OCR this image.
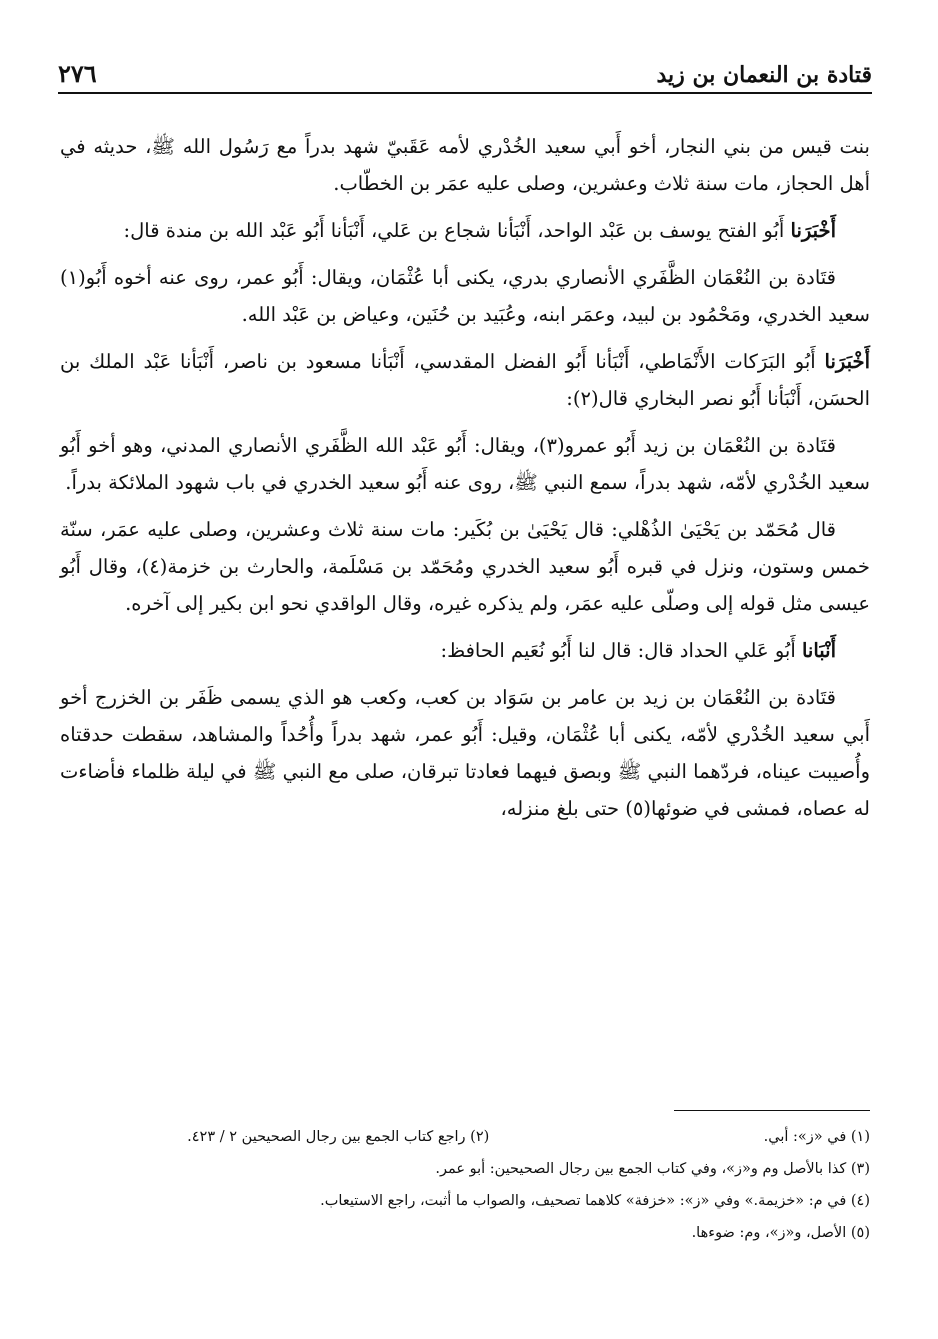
قتادة بن النعمان بن زيد
٢٧٦

بنت قيس من بني النجار، أخو أَبي سعيد الخُدْري لأمه عَقَبيّ شهد بدراً مع رَسُول الله ﷺ، حديثه في أهل الحجاز، مات سنة ثلاث وعشرين، وصلى عليه عمَر بن الخطّاب.

أَخْبَرَنا أَبُو الفتح يوسف بن عَبْد الواحد، أَنْبَأنا شجاع بن عَلي، أَنْبَأنا أَبُو عَبْد الله بن مندة قال:

قتَادة بن النُعْمَان الظَّفَري الأنصاري بدري، يكنى أبا عُثْمَان، ويقال: أَبُو عمر، روى عنه أخوه أَبُو(١) سعيد الخدري، ومَحْمُود بن لبيد، وعمَر ابنه، وعُبَيد بن حُنَين، وعياض بن عَبْد الله.

أَخْبَرَنا أَبُو البَرَكات الأَنْمَاطي، أَنْبَأنا أَبُو الفضل المقدسي، أَنْبَأنا مسعود بن ناصر، أَنْبَأنا عَبْد الملك بن الحسَن، أَنْبَأنا أَبُو نصر البخاري قال(٢):

قتَادة بن النُعْمَان بن زيد أَبُو عمرو(٣)، ويقال: أَبُو عَبْد الله الظَّفَري الأنصاري المدني، وهو أخو أَبُو سعيد الخُدْري لأمّه، شهد بدراً، سمع النبي ﷺ، روى عنه أَبُو سعيد الخدري في باب شهود الملائكة بدراً.

قال مُحَمّد بن يَحْيَىٰ الذُهْلي: قال يَحْيَىٰ بن بُكَير: مات سنة ثلاث وعشرين، وصلى عليه عمَر، سنّة خمس وستون، ونزل في قبره أَبُو سعيد الخدري ومُحَمّد بن مَسْلَمة، والحارث بن خزمة(٤)، وقال أَبُو عيسى مثل قوله إلى وصلّى عليه عمَر، ولم يذكره غيره، وقال الواقدي نحو ابن بكير إلى آخره.

أَنْبَانا أَبُو عَلي الحداد قال: قال لنا أَبُو نُعَيم الحافظ:

قتَادة بن النُعْمَان بن زيد بن عامر بن سَوَاد بن كعب، وكعب هو الذي يسمى ظَفَر بن الخزرج أخو أَبي سعيد الخُدْري لأمّه، يكنى أبا عُثْمَان، وقيل: أَبُو عمر، شهد بدراً وأُحُداً والمشاهد، سقطت حدقتاه وأُصيبت عيناه، فردّهما النبي ﷺ وبصق فيهما فعادتا تبرقان، صلى مع النبي ﷺ في ليلة ظلماء فأضاءت له عصاه، فمشى في ضوئها(٥) حتى بلغ منزله،

(١) في «ز»: أبي.

(٢) راجع كتاب الجمع بين رجال الصحيحين ٢ / ٤٢٣.

(٣) كذا بالأصل وم و«ز»، وفي كتاب الجمع بين رجال الصحيحين: أبو عمر.

(٤) في م: «خزيمة.» وفي «ز»: «خزفة» كلاهما تصحيف، والصواب ما أثبت، راجع الاستيعاب.

(٥) الأصل، و«ز»، وم: ضوءها.
